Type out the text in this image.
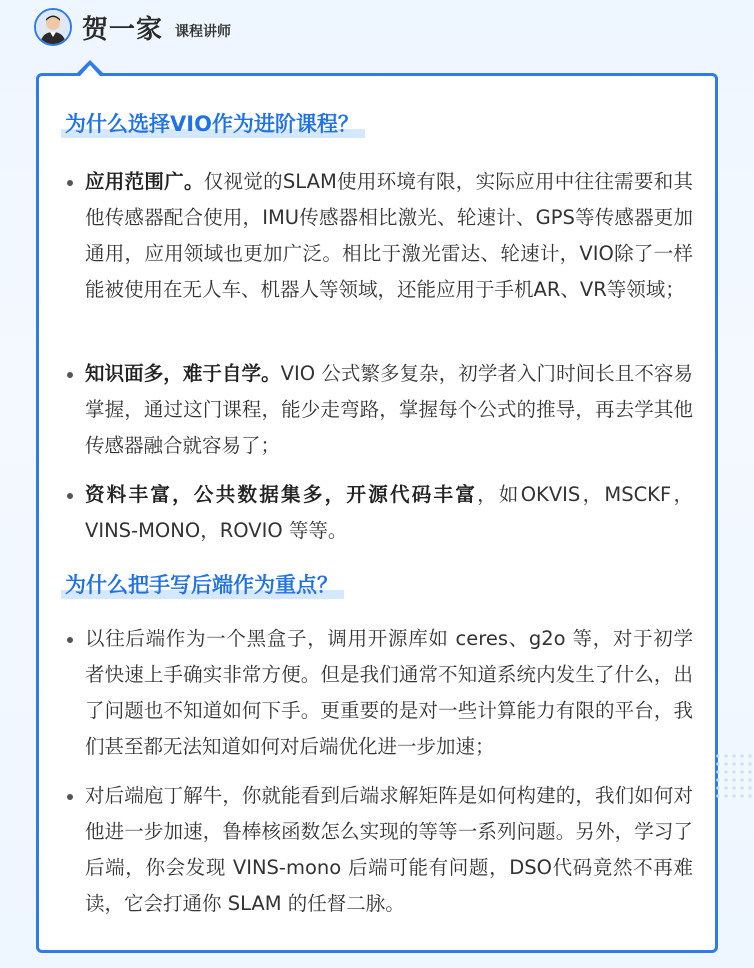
贺一家 课程讲师
为什么选择VIO作为进阶课程？
应用范围广。仅视觉的SLAM使用环境有限，实际应用中往往需要和其他传感器配合使用，IMU传感器相比激光、轮速计、GPS等传感器更加通用，应用领域也更加广泛。相比于激光雷达、轮速计，VIO除了一样能被使用在无人车、机器人等领域，还能应用于手机AR、VR等领域；
知识面多，难于自学。VIO 公式繁多复杂，初学者入门时间长且不容易掌握，通过这门课程，能少走弯路，掌握每个公式的推导，再去学其他传感器融合就容易了；
资料丰富，公共数据集多，开源代码丰富，如OKVIS，MSCKF，VINS-MONO，ROVIO 等等。
为什么把手写后端作为重点？
以往后端作为一个黑盒子，调用开源库如 ceres、g2o 等，对于初学者快速上手确实非常方便。但是我们通常不知道系统内发生了什么，出了问题也不知道如何下手。更重要的是对一些计算能力有限的平台，我们甚至都无法知道如何对后端优化进一步加速；
对后端庖丁解牛，你就能看到后端求解矩阵是如何构建的，我们如何对他进一步加速，鲁棒核函数怎么实现的等等一系列问题。另外，学习了后端，你会发现 VINS-mono 后端可能有问题，DSO代码竟然不再难读，它会打通你 SLAM 的任督二脉。
